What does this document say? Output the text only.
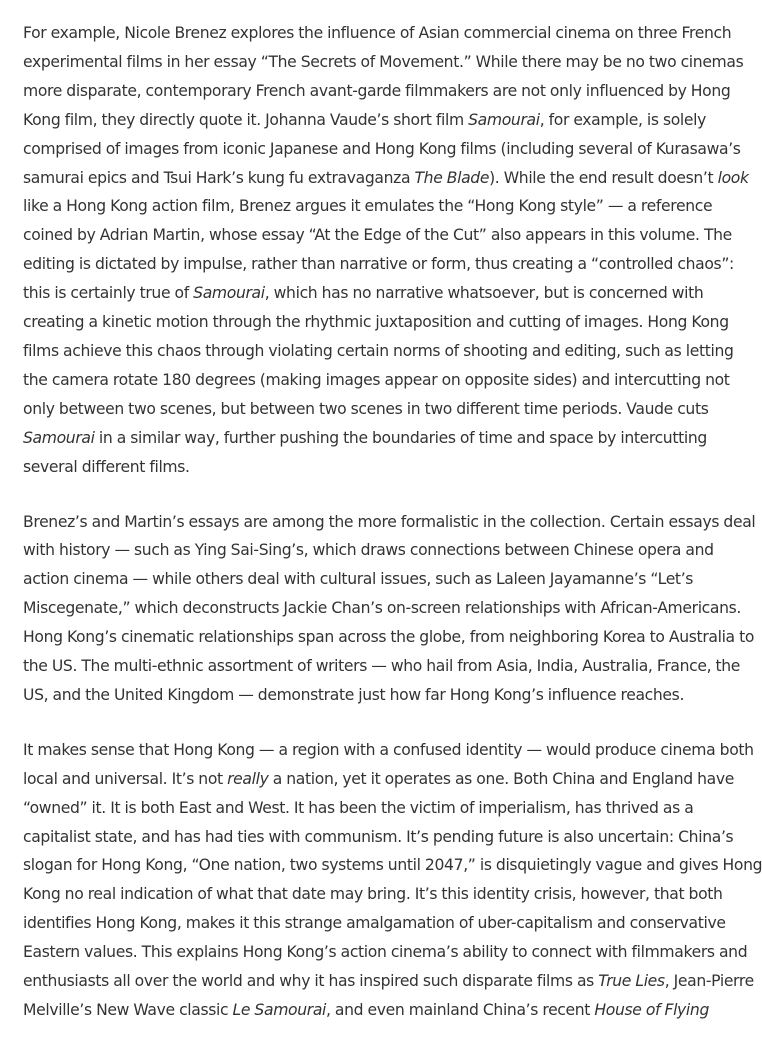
For example, Nicole Brenez explores the influence of Asian commercial cinema on three French
experimental films in her essay “The Secrets of Movement.” While there may be no two cinemas
more disparate, contemporary French avant-garde filmmakers are not only influenced by Hong
Kong film, they directly quote it. Johanna Vaude’s short film Samourai, for example, is solely
comprised of images from iconic Japanese and Hong Kong films (including several of Kurasawa’s
samurai epics and Tsui Hark’s kung fu extravaganza The Blade). While the end result doesn’t look
like a Hong Kong action film, Brenez argues it emulates the “Hong Kong style” — a reference
coined by Adrian Martin, whose essay “At the Edge of the Cut” also appears in this volume. The
editing is dictated by impulse, rather than narrative or form, thus creating a “controlled chaos”:
this is certainly true of Samourai, which has no narrative whatsoever, but is concerned with
creating a kinetic motion through the rhythmic juxtaposition and cutting of images. Hong Kong
films achieve this chaos through violating certain norms of shooting and editing, such as letting
the camera rotate 180 degrees (making images appear on opposite sides) and intercutting not
only between two scenes, but between two scenes in two different time periods. Vaude cuts
Samourai in a similar way, further pushing the boundaries of time and space by intercutting
several different films.

Brenez’s and Martin’s essays are among the more formalistic in the collection. Certain essays deal
with history — such as Ying Sai-Sing’s, which draws connections between Chinese opera and
action cinema — while others deal with cultural issues, such as Laleen Jayamanne’s “Let’s
Miscegenate,” which deconstructs Jackie Chan’s on-screen relationships with African-Americans.
Hong Kong’s cinematic relationships span across the globe, from neighboring Korea to Australia to
the US. The multi-ethnic assortment of writers — who hail from Asia, India, Australia, France, the
US, and the United Kingdom — demonstrate just how far Hong Kong’s influence reaches.

It makes sense that Hong Kong — a region with a confused identity — would produce cinema both
local and universal. It’s not really a nation, yet it operates as one. Both China and England have
“owned” it. It is both East and West. It has been the victim of imperialism, has thrived as a
capitalist state, and has had ties with communism. It’s pending future is also uncertain: China’s
slogan for Hong Kong, “One nation, two systems until 2047,” is disquietingly vague and gives Hong
Kong no real indication of what that date may bring. It’s this identity crisis, however, that both
identifies Hong Kong, makes it this strange amalgamation of uber-capitalism and conservative
Eastern values. This explains Hong Kong’s action cinema’s ability to connect with filmmakers and
enthusiasts all over the world and why it has inspired such disparate films as True Lies, Jean-Pierre
Melville’s New Wave classic Le Samourai, and even mainland China’s recent House of Flying
